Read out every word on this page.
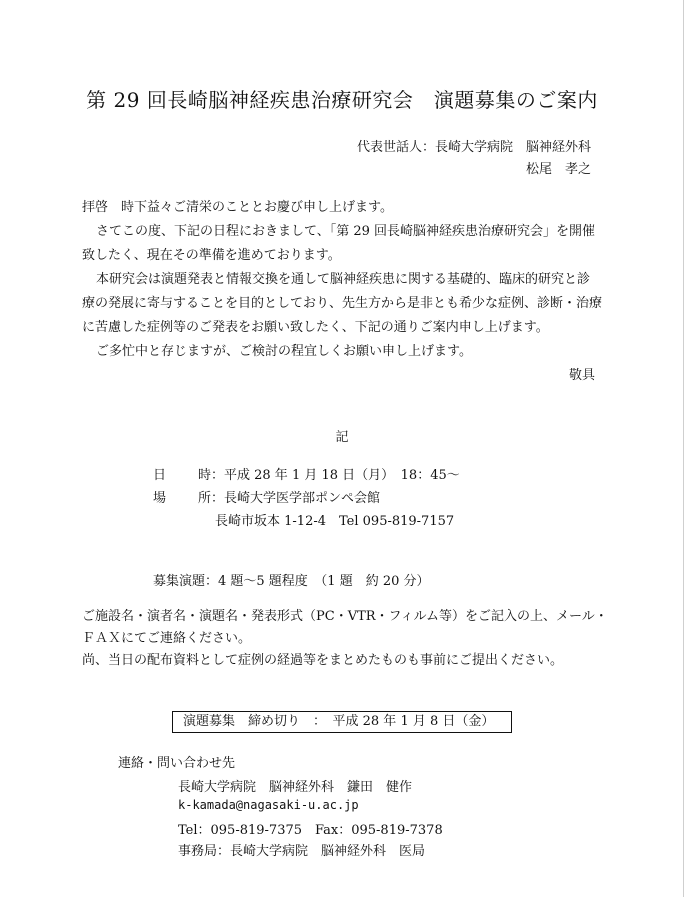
第 29 回長崎脳神経疾患治療研究会　演題募集のご案内
代表世話人：長崎大学病院　脳神経外科
松尾　孝之
拝啓　時下益々ご清栄のこととお慶び申し上げます。
さてこの度、下記の日程におきまして、「第 29 回長崎脳神経疾患治療研究会」を開催致したく、現在その準備を進めております。
本研究会は演題発表と情報交換を通して脳神経疾患に関する基礎的、臨床的研究と診療の発展に寄与することを目的としており、先生方から是非とも希少な症例、診断・治療に苦慮した症例等のご発表をお願い致したく、下記の通りご案内申し上げます。
ご多忙中と存じますが、ご検討の程宜しくお願い申し上げます。
敬具
記
日　時：平成 28 年 1 月 18 日（月）　18：45～
場　所：長崎大学医学部ポンペ会館
長崎市坂本 1-12-4　Tel 095-819-7157
募集演題：4 題～5 題程度　（1 題　約 20 分）
ご施設名・演者名・演題名・発表形式（PC・VTR・フィルム等）をご記入の上、メール・ＦＡＸにてご連絡ください。
尚、当日の配布資料として症例の経過等をまとめたものも事前にご提出ください。
演題募集　締め切り　：　平成 28 年 1 月 8 日（金）
連絡・問い合わせ先
長崎大学病院　脳神経外科　鎌田　健作
k-kamada@nagasaki-u.ac.jp
Tel：095-819-7375　Fax：095-819-7378
事務局：長崎大学病院　脳神経外科　医局
